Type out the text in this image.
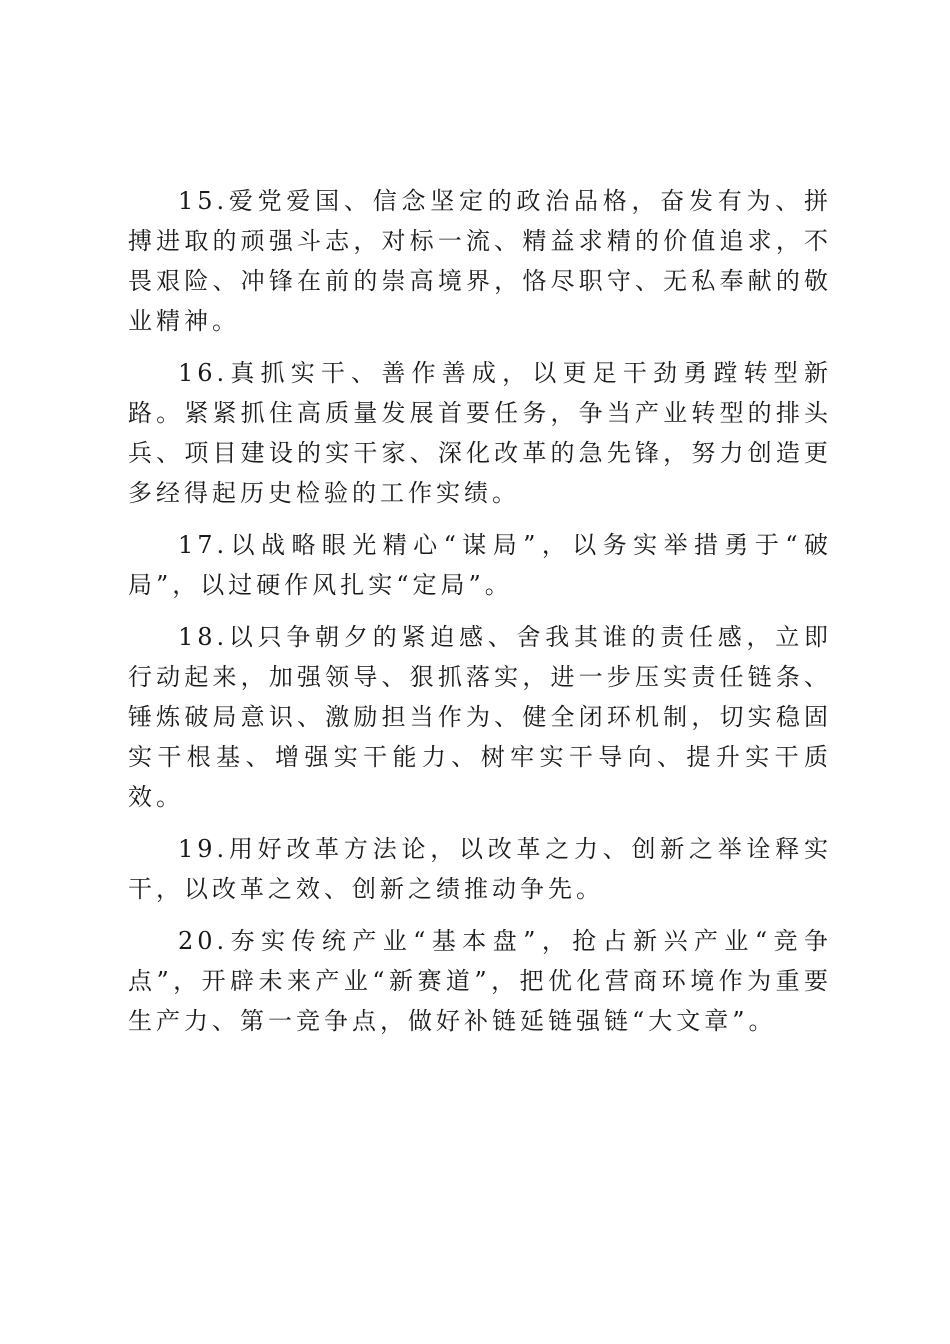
15.爱党爱国、信念坚定的政治品格，奋发有为、拼搏进取的顽强斗志，对标一流、精益求精的价值追求，不畏艰险、冲锋在前的崇高境界，恪尽职守、无私奉献的敬业精神。

16.真抓实干、善作善成，以更足干劲勇蹚转型新路。紧紧抓住高质量发展首要任务，争当产业转型的排头兵、项目建设的实干家、深化改革的急先锋，努力创造更多经得起历史检验的工作实绩。

17.以战略眼光精心“谋局”，以务实举措勇于“破局”，以过硬作风扎实“定局”。

18.以只争朝夕的紧迫感、舍我其谁的责任感，立即行动起来，加强领导、狠抓落实，进一步压实责任链条、锤炼破局意识、激励担当作为、健全闭环机制，切实稳固实干根基、增强实干能力、树牢实干导向、提升实干质效。

19.用好改革方法论，以改革之力、创新之举诠释实干，以改革之效、创新之绩推动争先。

20.夯实传统产业“基本盘”，抢占新兴产业“竞争点”，开辟未来产业“新赛道”，把优化营商环境作为重要生产力、第一竞争点，做好补链延链强链“大文章”。
